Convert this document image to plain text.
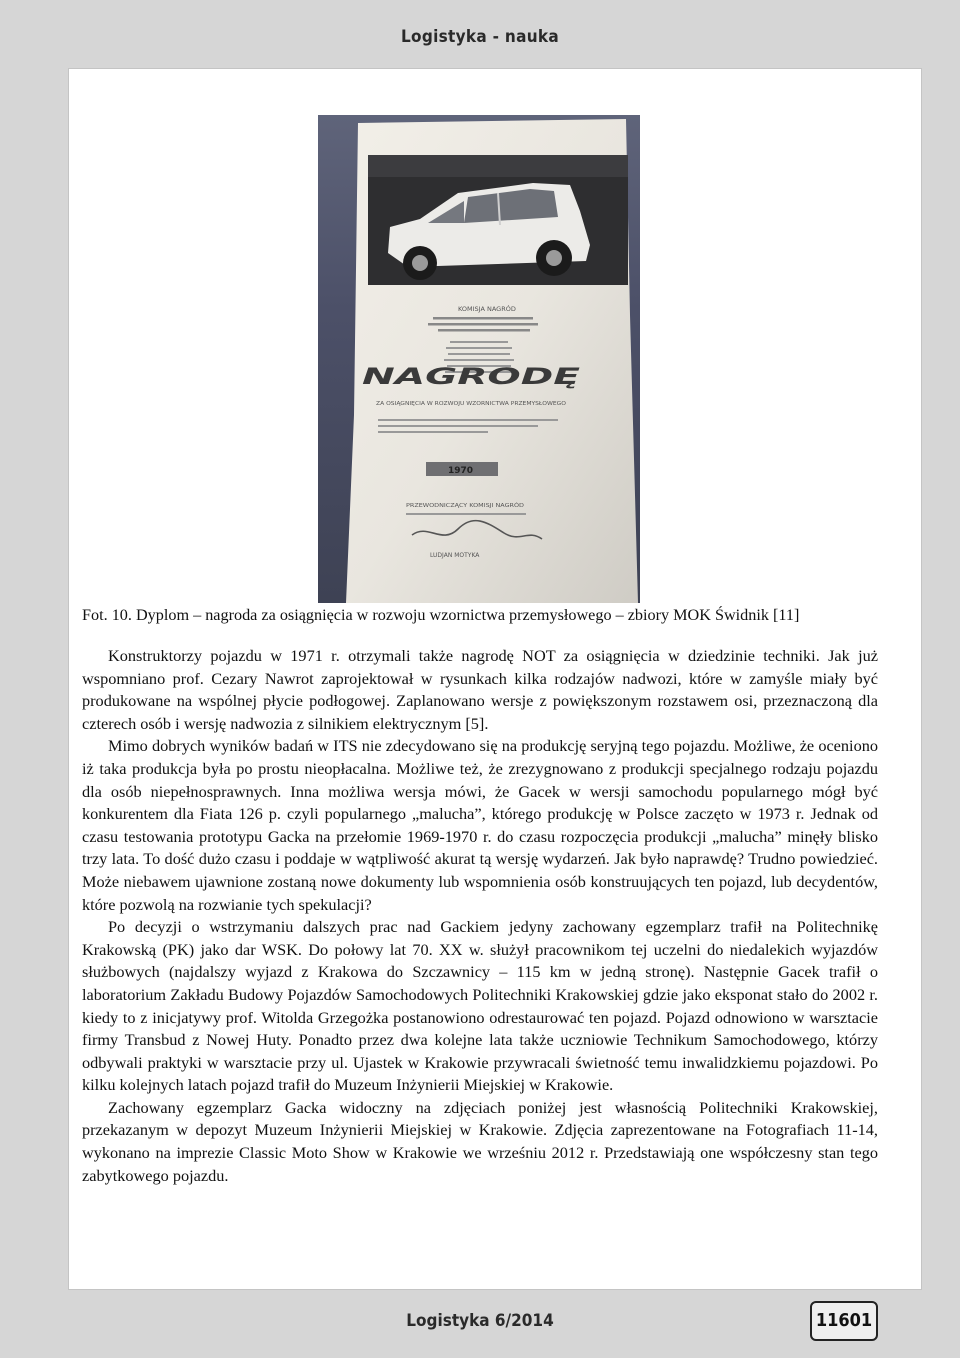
Logistyka - nauka
KOMISJA NAGRÓD
NAGRODĘ
ZA OSIĄGNIĘCIA W ROZWOJU WZORNICTWA PRZEMYSŁOWEGO
1970
PRZEWODNICZĄCY KOMISJI NAGRÓD
LUDJAN MOTYKA
Fot. 10. Dyplom – nagroda za osiągnięcia w rozwoju wzornictwa przemysłowego – zbiory MOK Świdnik [11]

Konstruktorzy pojazdu w 1971 r. otrzymali także nagrodę NOT za osiągnięcia w dziedzinie techniki. Jak już wspomniano prof. Cezary Nawrot zaprojektował w rysunkach kilka rodzajów nadwozi, które w zamyśle miały być produkowane na wspólnej płycie podłogowej. Zaplanowano wersje z powiększonym rozstawem osi, przeznaczoną dla czterech osób i wersję nadwozia z silnikiem elektrycznym [5].

Mimo dobrych wyników badań w ITS nie zdecydowano się na produkcję seryjną tego pojazdu. Możliwe, że oceniono iż taka produkcja była po prostu nieopłacalna. Możliwe też, że zrezygnowano z produkcji specjalnego rodzaju pojazdu dla osób niepełnosprawnych. Inna możliwa wersja mówi, że Gacek w wersji samochodu popularnego mógł być konkurentem dla Fiata 126 p. czyli popularnego „malucha”, którego produkcję w Polsce zaczęto w 1973 r. Jednak od czasu testowania prototypu Gacka na przełomie 1969-1970 r. do czasu rozpoczęcia produkcji „malucha” minęły blisko trzy lata. To dość dużo czasu i poddaje w wątpliwość akurat tą wersję wydarzeń. Jak było naprawdę? Trudno powiedzieć. Może niebawem ujawnione zostaną nowe dokumenty lub wspomnienia osób konstruujących ten pojazd, lub decydentów, które pozwolą na rozwianie tych spekulacji?

Po decyzji o wstrzymaniu dalszych prac nad Gackiem jedyny zachowany egzemplarz trafił na Politechnikę Krakowską (PK) jako dar WSK. Do połowy lat 70. XX w. służył pracownikom tej uczelni do niedalekich wyjazdów służbowych (najdalszy wyjazd z Krakowa do Szczawnicy – 115 km w jedną stronę). Następnie Gacek trafił o laboratorium Zakładu Budowy Pojazdów Samochodowych Politechniki Krakowskiej gdzie jako eksponat stało do 2002 r. kiedy to z inicjatywy prof. Witolda Grzegożka postanowiono odrestaurować ten pojazd. Pojazd odnowiono w warsztacie firmy Transbud z Nowej Huty. Ponadto przez dwa kolejne lata także uczniowie Technikum Samochodowego, którzy odbywali praktyki w warsztacie przy ul. Ujastek w Krakowie przywracali świetność temu inwalidzkiemu pojazdowi. Po kilku kolejnych latach pojazd trafił do Muzeum Inżynierii Miejskiej w Krakowie.

Zachowany egzemplarz Gacka widoczny na zdjęciach poniżej jest własnością Politechniki Krakowskiej, przekazanym w depozyt Muzeum Inżynierii Miejskiej w Krakowie. Zdjęcia zaprezentowane na Fotografiach 11-14, wykonano na imprezie Classic Moto Show w Krakowie we wrześniu 2012 r. Przedstawiają one współczesny stan tego zabytkowego pojazdu.

Logistyka 6/2014	11601
